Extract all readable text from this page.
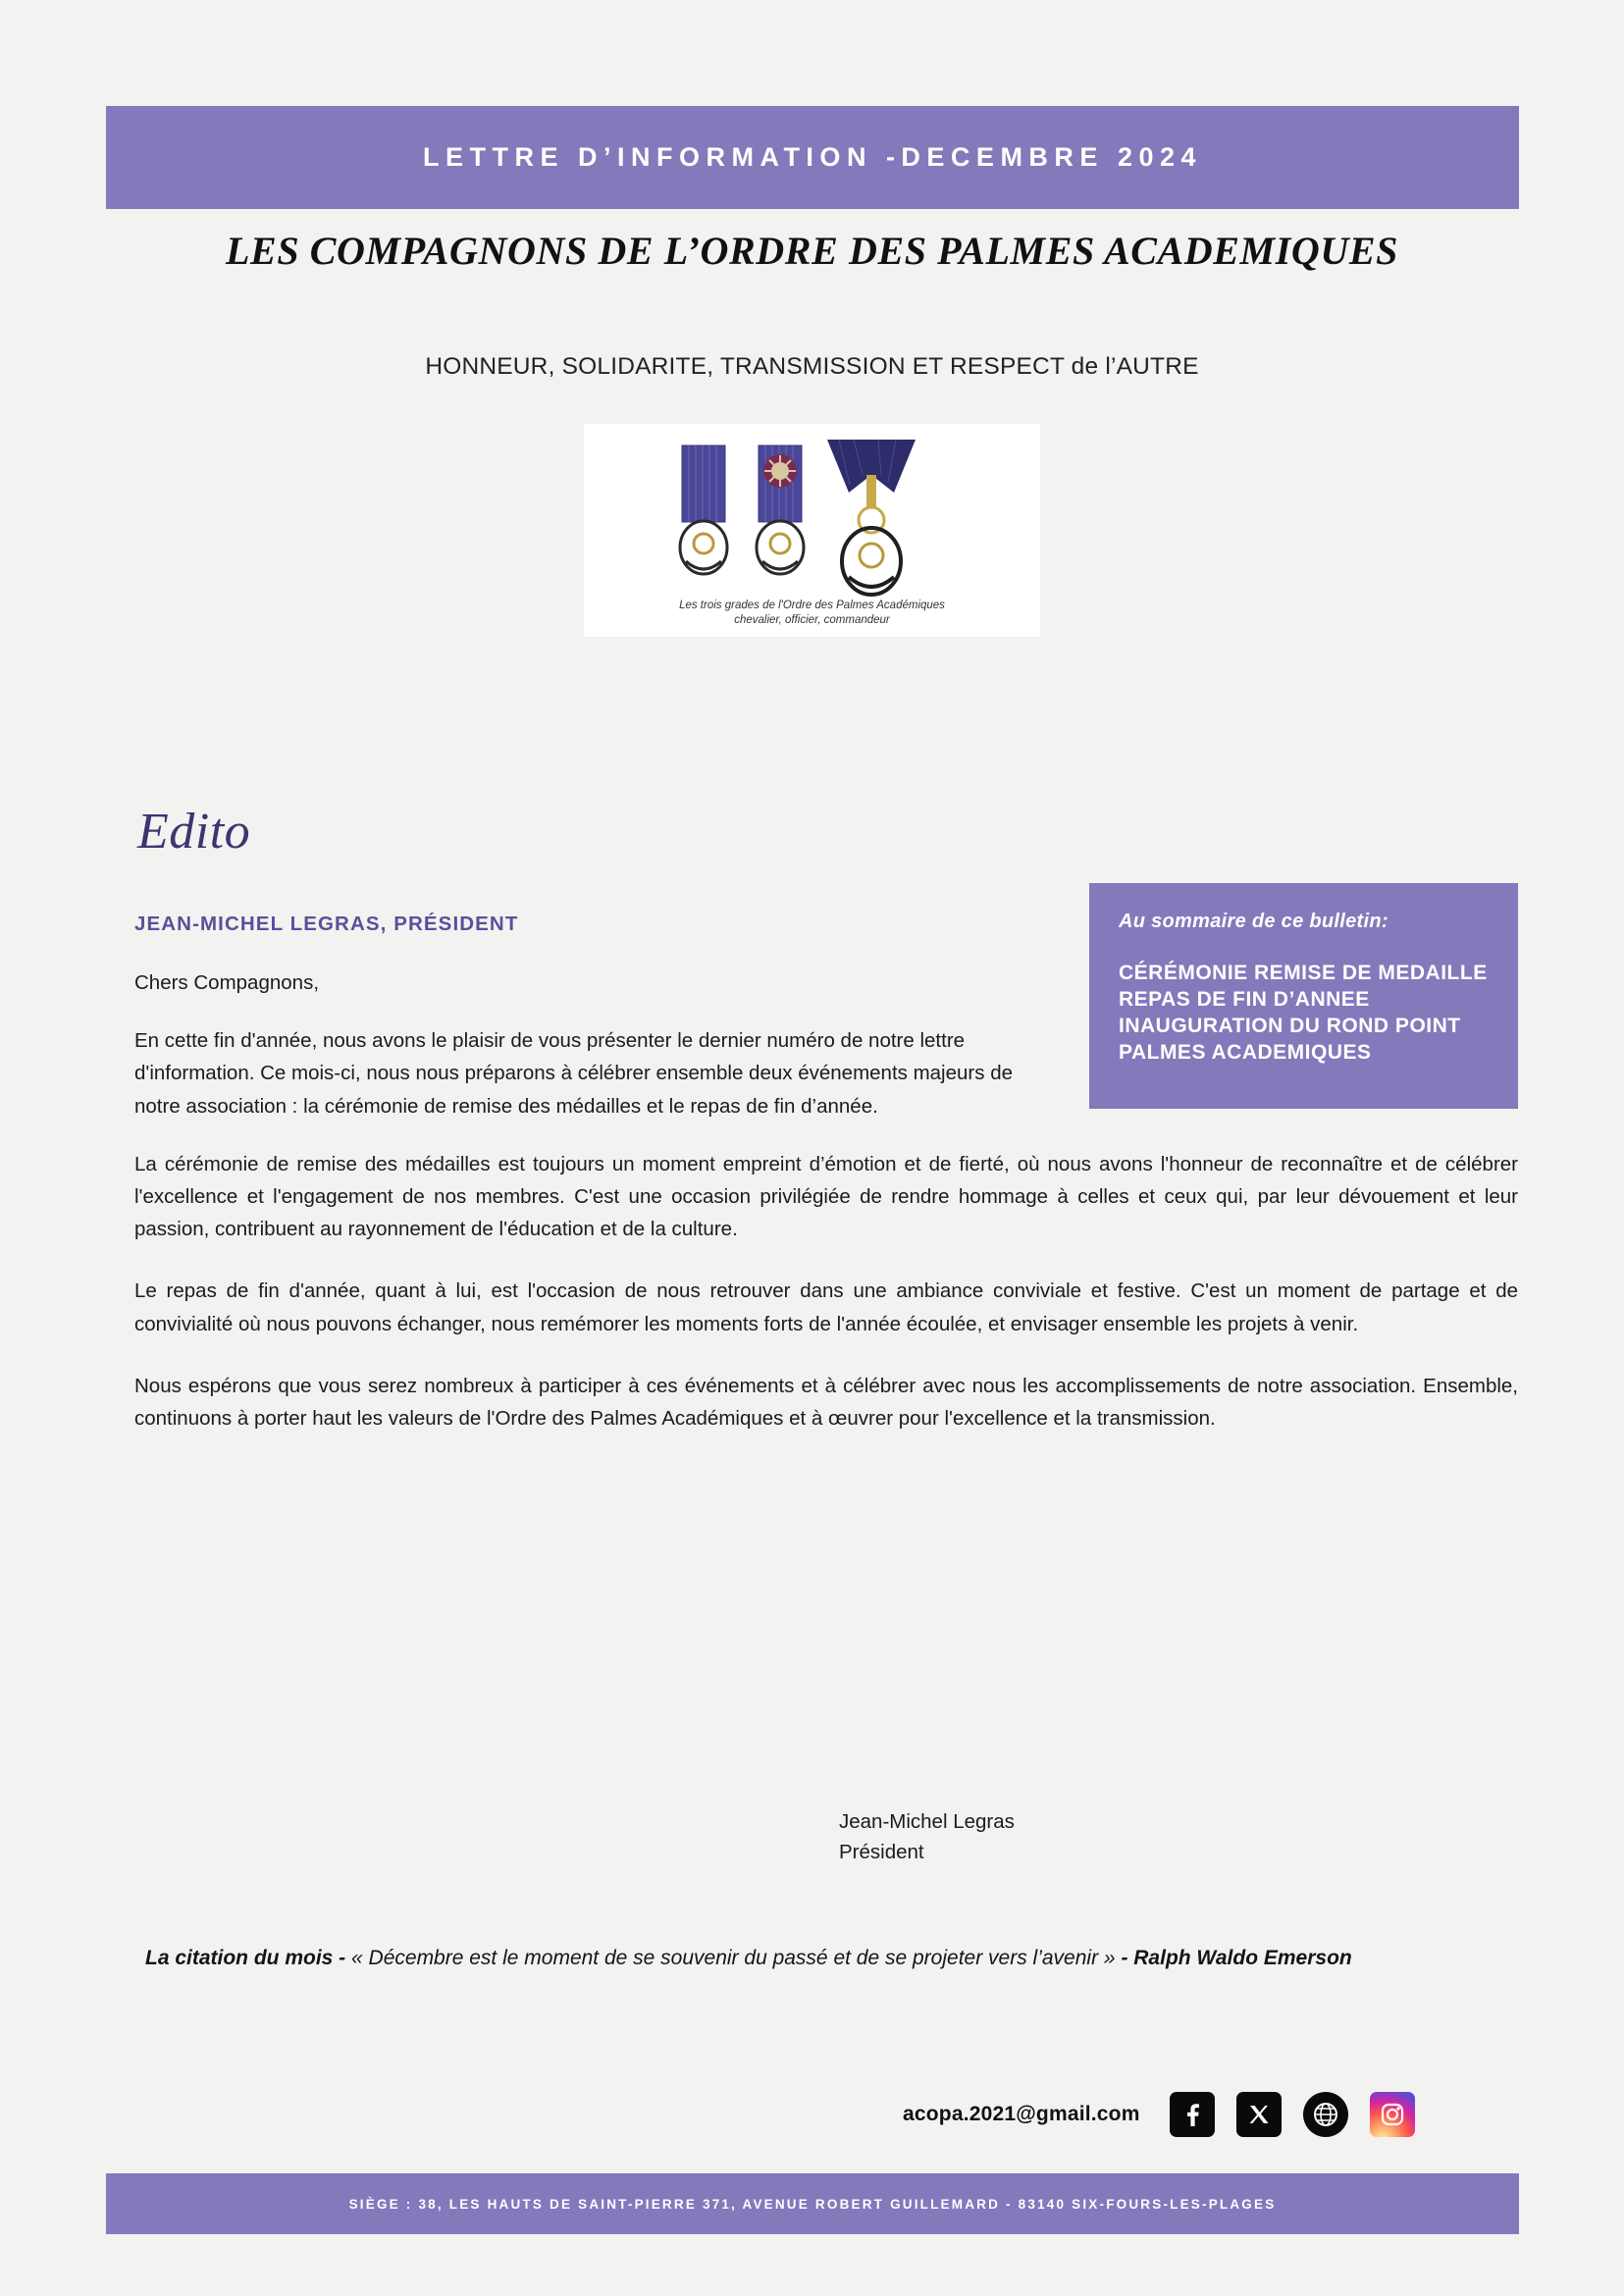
LETTRE D’INFORMATION -DECEMBRE 2024
LES COMPAGNONS DE L’ORDRE DES PALMES ACADEMIQUES
HONNEUR, SOLIDARITE, TRANSMISSION ET RESPECT de l’AUTRE
Les trois grades de l'Ordre des Palmes Académiques
chevalier, officier, commandeur
Edito
JEAN-MICHEL LEGRAS, PRÉSIDENT	Au sommaire de ce bulletin:
CÉRÉMONIE REMISE DE MEDAILLE
REPAS DE FIN D’ANNEE
INAUGURATION DU ROND POINT PALMES ACADEMIQUES

Chers Compagnons,

En cette fin d'année, nous avons le plaisir de vous présenter le dernier numéro de notre lettre d'information. Ce mois-ci, nous nous préparons à célébrer ensemble deux événements majeurs de notre association : la cérémonie de remise des médailles et le repas de fin d’année.

La cérémonie de remise des médailles est toujours un moment empreint d’émotion et de fierté, où nous avons l'honneur de reconnaître et de célébrer l'excellence et l'engagement de nos membres. C'est une occasion privilégiée de rendre hommage à celles et ceux qui, par leur dévouement et leur passion, contribuent au rayonnement de l'éducation et de la culture.

Le repas de fin d'année, quant à lui, est l'occasion de nous retrouver dans une ambiance conviviale et festive. C'est un moment de partage et de convivialité où nous pouvons échanger, nous remémorer les moments forts de l'année écoulée, et envisager ensemble les projets à venir.

Nous espérons que vous serez nombreux à participer à ces événements et à célébrer avec nous les accomplissements de notre association. Ensemble, continuons à porter haut les valeurs de l'Ordre des Palmes Académiques et à œuvrer pour l'excellence et la transmission.

Jean-Michel Legras
Président
La citation du mois - « Décembre est le moment de se souvenir du passé et de se projeter vers l’avenir » - Ralph Waldo Emerson
acopa.2021@gmail.com
SIÈGE : 38, LES HAUTS DE SAINT-PIERRE 371, AVENUE ROBERT GUILLEMARD - 83140 SIX-FOURS-LES-PLAGES
